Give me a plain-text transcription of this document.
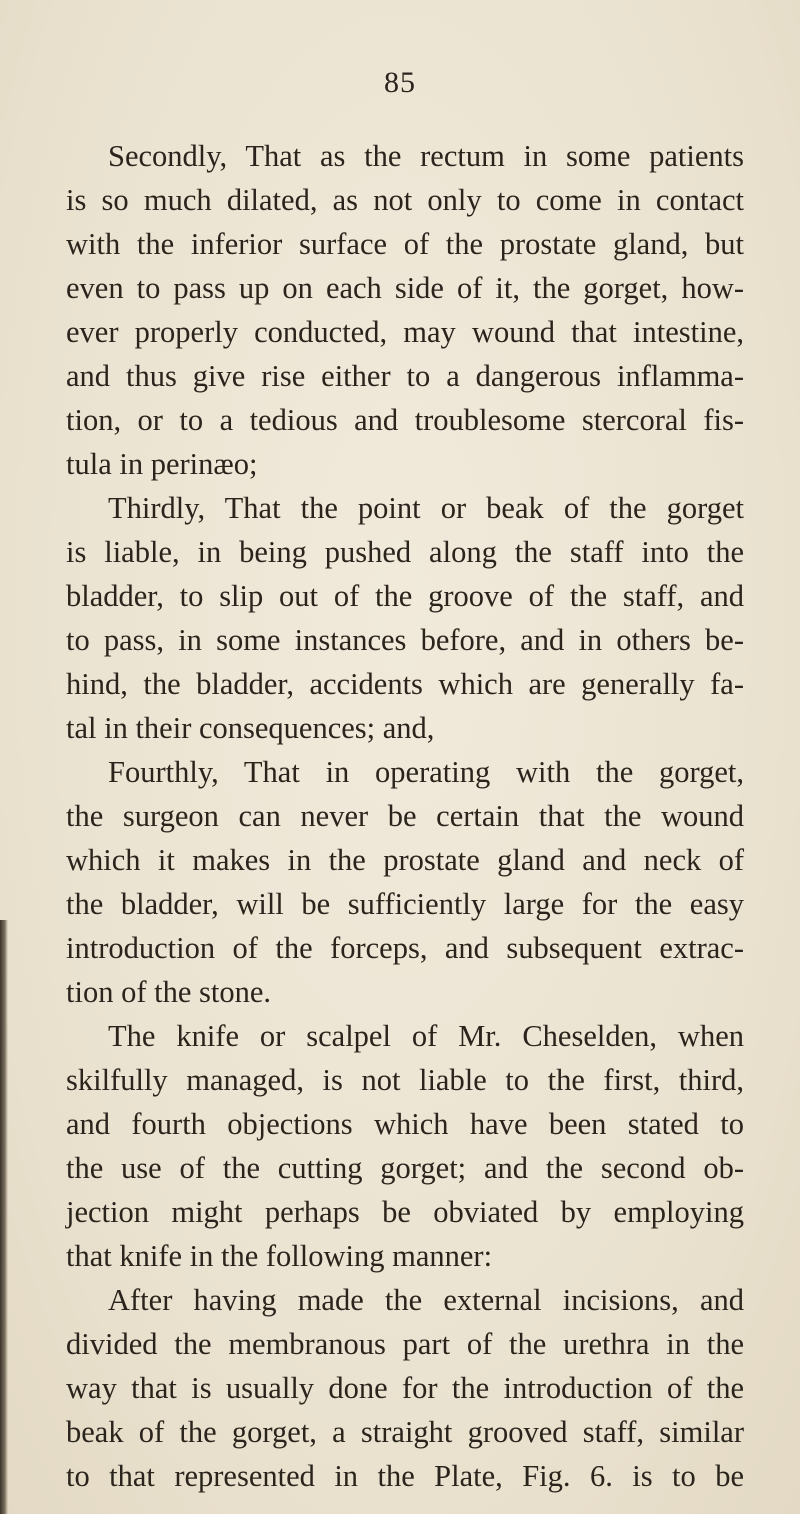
85
Secondly, That as the rectum in some patients
is so much dilated, as not only to come in contact
with the inferior surface of the prostate gland, but
even to pass up on each side of it, the gorget, how-
ever properly conducted, may wound that intestine,
and thus give rise either to a dangerous inflamma-
tion, or to a tedious and troublesome stercoral fis-
tula in perinæo;
Thirdly, That the point or beak of the gorget
is liable, in being pushed along the staff into the
bladder, to slip out of the groove of the staff, and
to pass, in some instances before, and in others be-
hind, the bladder, accidents which are generally fa-
tal in their consequences; and,
Fourthly, That in operating with the gorget,
the surgeon can never be certain that the wound
which it makes in the prostate gland and neck of
the bladder, will be sufficiently large for the easy
introduction of the forceps, and subsequent extrac-
tion of the stone.
The knife or scalpel of Mr. Cheselden, when
skilfully managed, is not liable to the first, third,
and fourth objections which have been stated to
the use of the cutting gorget; and the second ob-
jection might perhaps be obviated by employing
that knife in the following manner:
After having made the external incisions, and
divided the membranous part of the urethra in the
way that is usually done for the introduction of the
beak of the gorget, a straight grooved staff, similar
to that represented in the Plate, Fig. 6. is to be
